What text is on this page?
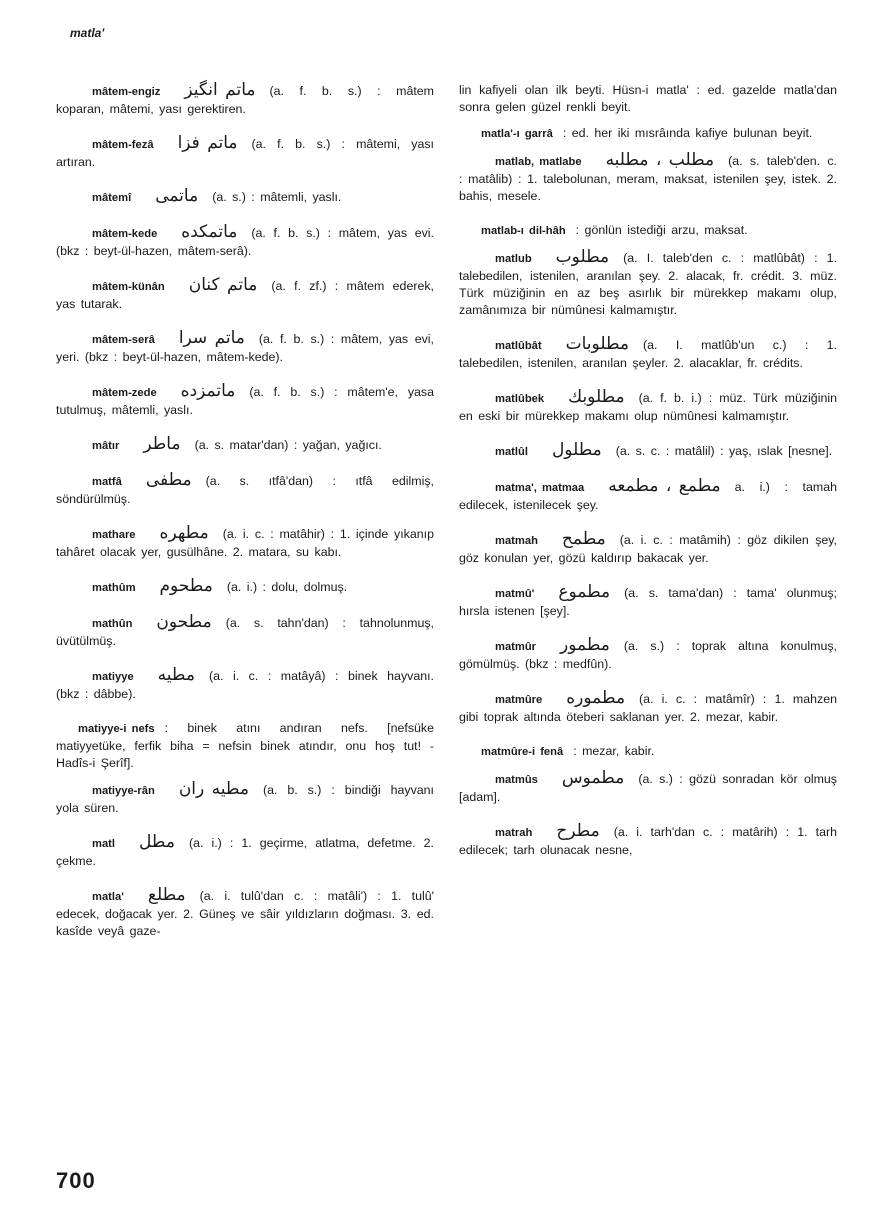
matla'

mâtem-engiz ماتم انگیز (a. f. b. s.) : mâtem koparan, mâtemi, yası gerektiren.

mâtem-fezâ ماتم فزا (a. f. b. s.) : mâtemi, yası artıran.

mâtemî ماتمی (a. s.) : mâtemli, yaslı.

mâtem-kede ماتمكده (a. f. b. s.) : mâtem, yas evi. (bkz : beyt-ül-hazen, mâtem-serâ).

mâtem-künân ماتم كنان (a. f. zf.) : mâtem ederek, yas tutarak.

mâtem-serâ ماتم سرا (a. f. b. s.) : mâtem, yas evi, yeri. (bkz : beyt-ül-hazen, mâtem-kede).

mâtem-zede ماتمزده (a. f. b. s.) : mâtem'e, yasa tutulmuş, mâtemli, yaslı.

mâtır ماطر (a. s. matar'dan) : yağan, yağıcı.

matfâ مطفی (a. s. ıtfâ'dan) : ıtfâ edilmiş, söndürülmüş.

mathare مطهره (a. i. c. : matâhir) : 1. içinde yıkanıp tahâret olacak yer, gusülhâne. 2. matara, su kabı.

mathûm مطحوم (a. i.) : dolu, dolmuş.

mathûn مطحون (a. s. tahn'dan) : tahnolunmuş, üvütülmüş.

matiyye مطيه (a. i. c. : matâyâ) : binek hayvanı. (bkz : dâbbe).

matiyye-i nefs : binek atını andıran nefs. [nefsüke matiyyetüke, ferfik biha = nefsin binek atındır, onu hoş tut! - Hadîs-i Şerîf].

matiyye-rân مطیه ران (a. b. s.) : bindiği hayvanı yola süren.

matl مطل (a. i.) : 1. geçirme, atlatma, defetme. 2. çekme.

matla' مطلع (a. i. tulû'dan c. : matâli') : 1. tulû' edecek, doğacak yer. 2. Güneş ve sâir yıldızların doğması. 3. ed. kasîde veyâ gaze-

lin kafiyeli olan ilk beyti. Hüsn-i matla' : ed. gazelde matla'dan sonra gelen güzel renkli beyit.

matla'-ı garrâ : ed. her iki mısrâında kafiye bulunan beyit.

matlab, matlabe مطلب ، مطلبه (a. s. taleb'den. c. : matâlib) : 1. talebolunan, meram, maksat, istenilen şey, istek. 2. bahis, mesele.

matlab-ı dil-hâh : gönlün istediği arzu, maksat.

matlub مطلوب (a. I. taleb'den c. : matlûbât) : 1. talebedilen, istenilen, aranılan şey. 2. alacak, fr. crédit. 3. müz. Türk müziğinin en az beş asırlık bir mürekkep makamı olup, zamânımıza bir nümûnesi kalmamıştır.

matlûbât مطلوبات (a. I. matlûb'un c.) : 1. talebedilen, istenilen, aranılan şeyler. 2. alacaklar, fr. crédits.

matlûbek مطلوبك (a. f. b. i.) : müz. Türk müziğinin en eski bir mürekkep makamı olup nümûnesi kalmamıştır.

matlûl مطلول (a. s. c. : matâlil) : yaş, ıslak [nesne].

matma', matmaa مطمع ، مطمعه a. i.) : tamah edilecek, istenilecek şey.

matmah مطمح (a. i. c. : matâmih) : göz dikilen şey, göz konulan yer, gözü kaldırıp bakacak yer.

matmû' مطموع (a. s. tama'dan) : tama' olunmuş; hırsla istenen [şey].

matmûr مطمور (a. s.) : toprak altına konulmuş, gömülmüş. (bkz : medfûn).

matmûre مطموره (a. i. c. : matâmîr) : 1. mahzen gibi toprak altında öteberi saklanan yer. 2. mezar, kabir.

matmûre-i fenâ : mezar, kabir.

matmûs مطموس (a. s.) : gözü sonradan kör olmuş [adam].

matrah مطرح (a. i. tarh'dan c. : matârih) : 1. tarh edilecek; tarh olunacak nesne,

700
